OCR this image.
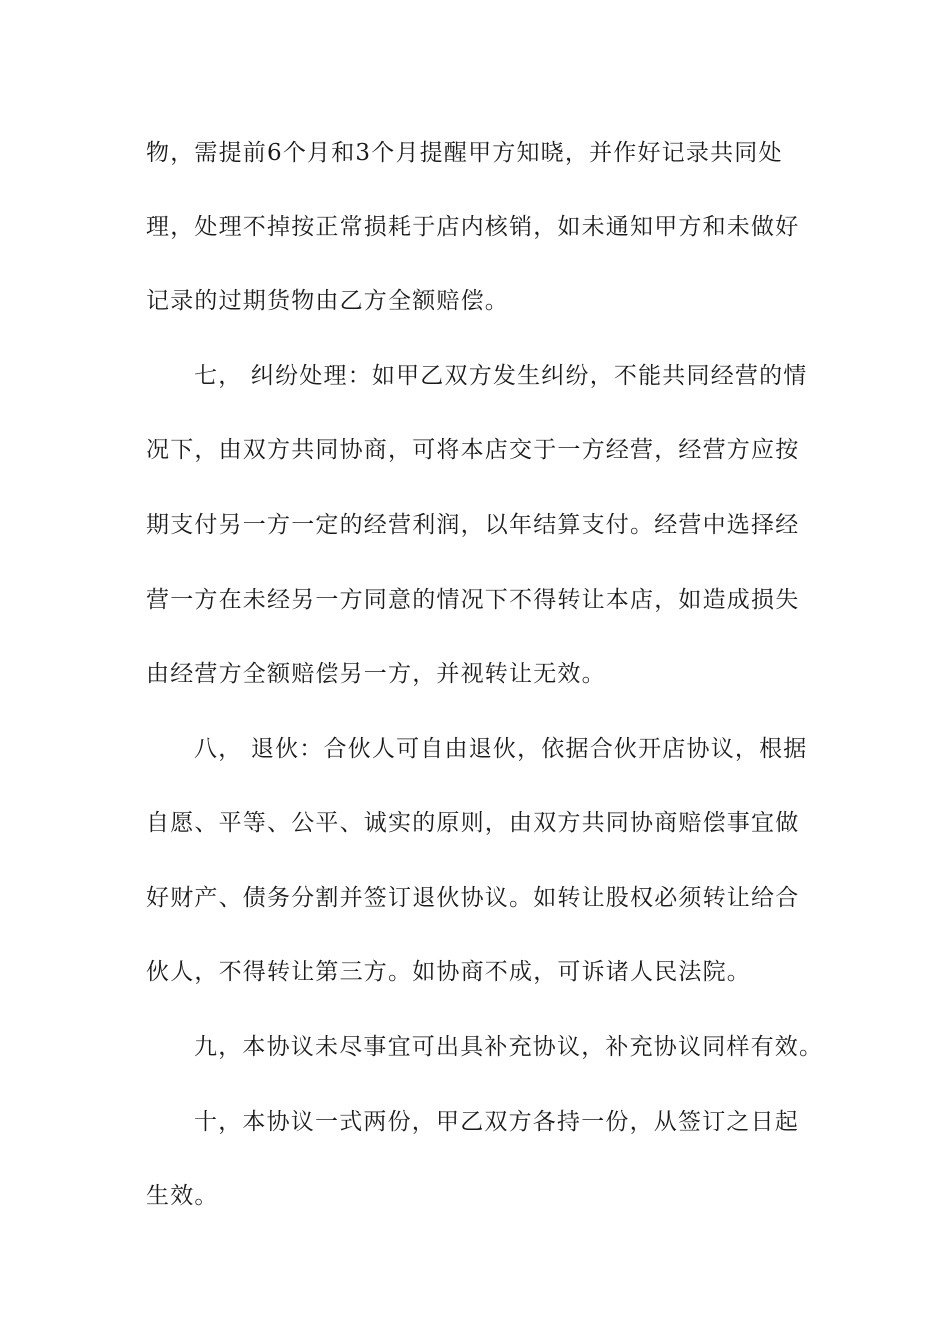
物，需提前6个月和3个月提醒甲方知晓，并作好记录共同处
理，处理不掉按正常损耗于店内核销，如未通知甲方和未做好
记录的过期货物由乙方全额赔偿。
七， 纠纷处理：如甲乙双方发生纠纷，不能共同经营的情
况下，由双方共同协商，可将本店交于一方经营，经营方应按
期支付另一方一定的经营利润，以年结算支付。经营中选择经
营一方在未经另一方同意的情况下不得转让本店，如造成损失
由经营方全额赔偿另一方，并视转让无效。
八， 退伙：合伙人可自由退伙，依据合伙开店协议，根据
自愿、平等、公平、诚实的原则，由双方共同协商赔偿事宜做
好财产、债务分割并签订退伙协议。如转让股权必须转让给合
伙人，不得转让第三方。如协商不成，可诉诸人民法院。
九，本协议未尽事宜可出具补充协议，补充协议同样有效。
十，本协议一式两份，甲乙双方各持一份，从签订之日起
生效。
